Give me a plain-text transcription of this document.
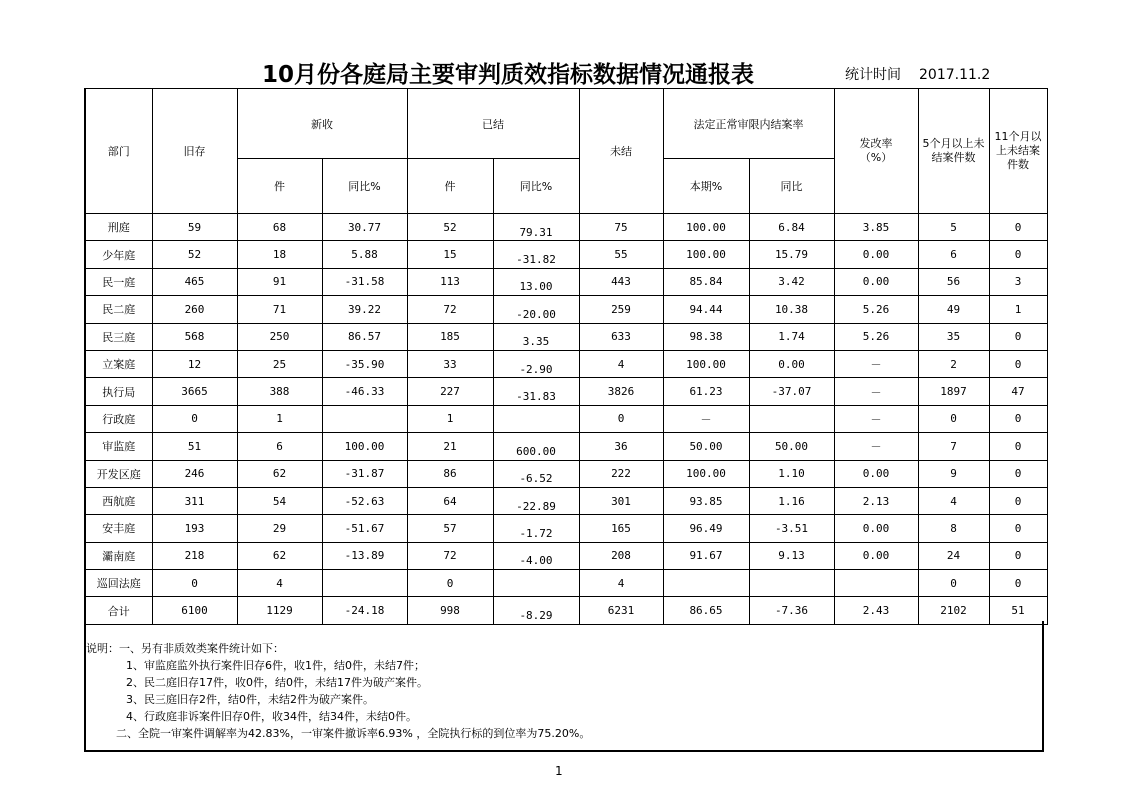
10月份各庭局主要审判质效指标数据情况通报表	统计时间 2017.11.2
部门	旧存	新收		已结		未结	法定正常审限内结案率		发改率（%）	5个月以上未结案件数	11个月以上未结案件数
		件	同比%	件	同比%		本期%	同比			
刑庭	59	68	30.77	52	79.31	75	100.00	6.84	3.85	5	0
少年庭	52	18	5.88	15	-31.82	55	100.00	15.79	0.00	6	0
民一庭	465	91	-31.58	113	13.00	443	85.84	3.42	0.00	56	3
民二庭	260	71	39.22	72	-20.00	259	94.44	10.38	5.26	49	1
民三庭	568	250	86.57	185	3.35	633	98.38	1.74	5.26	35	0
立案庭	12	25	-35.90	33	-2.90	4	100.00	0.00	－	2	0
执行局	3665	388	-46.33	227	-31.83	3826	61.23	-37.07	－	1897	47
行政庭	0	1		1		0	－		－	0	0
审监庭	51	6	100.00	21	600.00	36	50.00	50.00	－	7	0
开发区庭	246	62	-31.87	86	-6.52	222	100.00	1.10	0.00	9	0
西航庭	311	54	-52.63	64	-22.89	301	93.85	1.16	2.13	4	0
安丰庭	193	29	-51.67	57	-1.72	165	96.49	-3.51	0.00	8	0
灞南庭	218	62	-13.89	72	-4.00	208	91.67	9.13	0.00	24	0
巡回法庭	0	4		0		4				0	0
合计	6100	1129	-24.18	998	-8.29	6231	86.65	-7.36	2.43	2102	51
说明：一、另有非质效类案件统计如下：
1、审监庭监外执行案件旧存6件，收1件，结0件，未结7件；
2、民二庭旧存17件，收0件，结0件，未结17件为破产案件。
3、民三庭旧存2件，结0件，未结2件为破产案件。
4、行政庭非诉案件旧存0件，收34件，结34件，未结0件。
二、全院一审案件调解率为42.83%，一审案件撤诉率6.93% ，全院执行标的到位率为75.20%。
1
